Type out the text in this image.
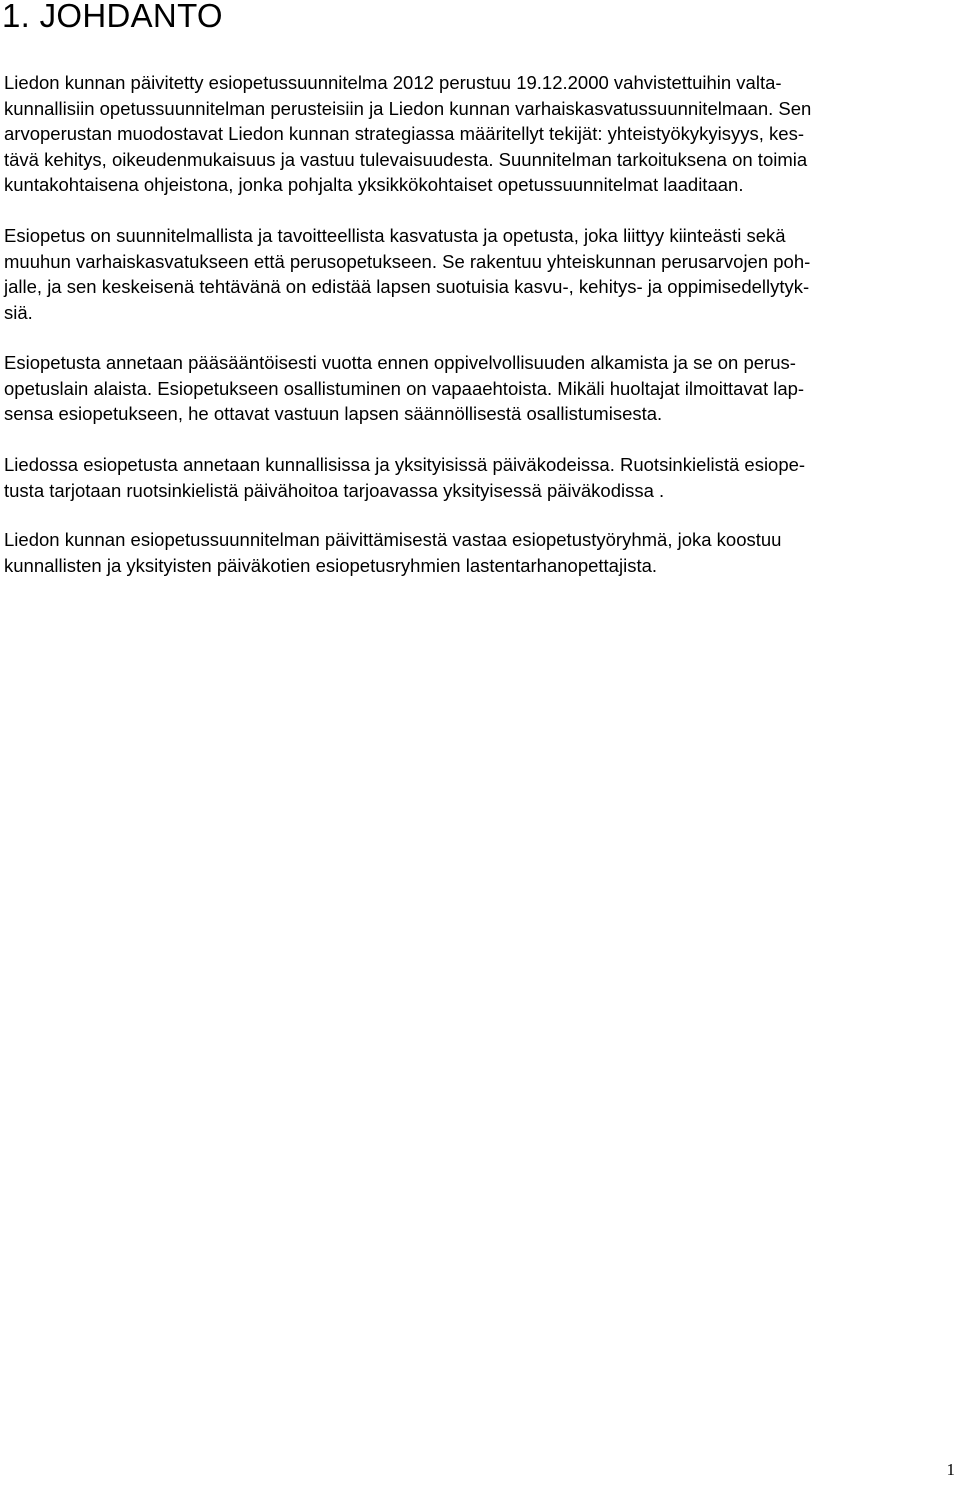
1. JOHDANTO
Liedon kunnan päivitetty esiopetussuunnitelma 2012 perustuu 19.12.2000 vahvistettuihin valta-
kunnallisiin opetussuunnitelman perusteisiin ja Liedon kunnan varhaiskasvatussuunnitelmaan. Sen
arvoperustan muodostavat Liedon kunnan strategiassa määritellyt tekijät: yhteistyökykyisyys, kes-
tävä kehitys, oikeudenmukaisuus ja vastuu tulevaisuudesta. Suunnitelman tarkoituksena on toimia
kuntakohtaisena ohjeistona, jonka pohjalta yksikkökohtaiset opetussuunnitelmat laaditaan.
Esiopetus on suunnitelmallista ja tavoitteellista kasvatusta ja opetusta, joka liittyy kiinteästi sekä
muuhun varhaiskasvatukseen että perusopetukseen. Se rakentuu yhteiskunnan perusarvojen poh-
jalle, ja sen keskeisenä tehtävänä on edistää lapsen suotuisia kasvu-, kehitys- ja oppimisedellytyk-
siä.
Esiopetusta annetaan pääsääntöisesti vuotta ennen oppivelvollisuuden alkamista ja se on perus-
opetuslain alaista. Esiopetukseen osallistuminen on vapaaehtoista. Mikäli huoltajat ilmoittavat lap-
sensa esiopetukseen, he ottavat vastuun lapsen säännöllisestä osallistumisesta.
Liedossa esiopetusta annetaan kunnallisissa ja yksityisissä päiväkodeissa. Ruotsinkielistä esiope-
tusta tarjotaan ruotsinkielistä päivähoitoa tarjoavassa yksityisessä päiväkodissa .
Liedon kunnan esiopetussuunnitelman päivittämisestä vastaa esiopetustyöryhmä, joka koostuu
kunnallisten ja yksityisten päiväkotien esiopetusryhmien lastentarhanopettajista.
1
